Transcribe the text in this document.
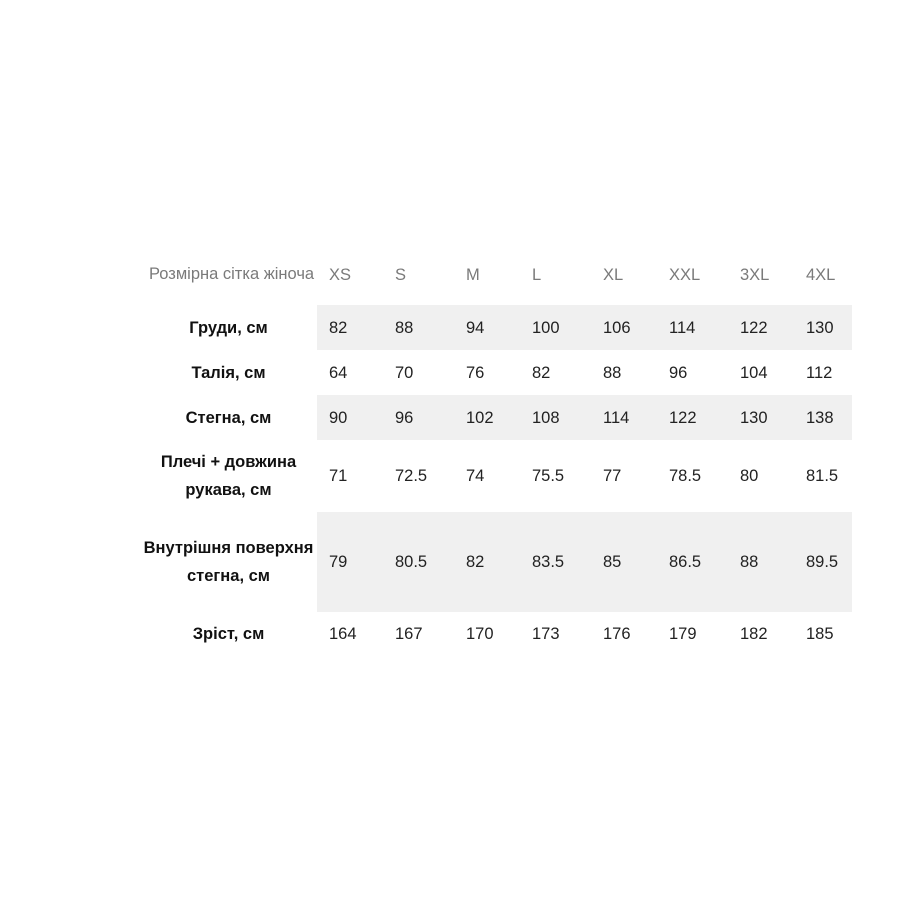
Розмірна сітка жіноча	XS	S	M	L	XL	XXL	3XL	4XL
Груди, см	82	88	94	100	106	114	122	130
Талія, см	64	70	76	82	88	96	104	112
Стегна, см	90	96	102	108	114	122	130	138
Плечі + довжина рукава, см	71	72.5	74	75.5	77	78.5	80	81.5
Внутрішня поверхня стегна, см	79	80.5	82	83.5	85	86.5	88	89.5
Зріст, см	164	167	170	173	176	179	182	185
